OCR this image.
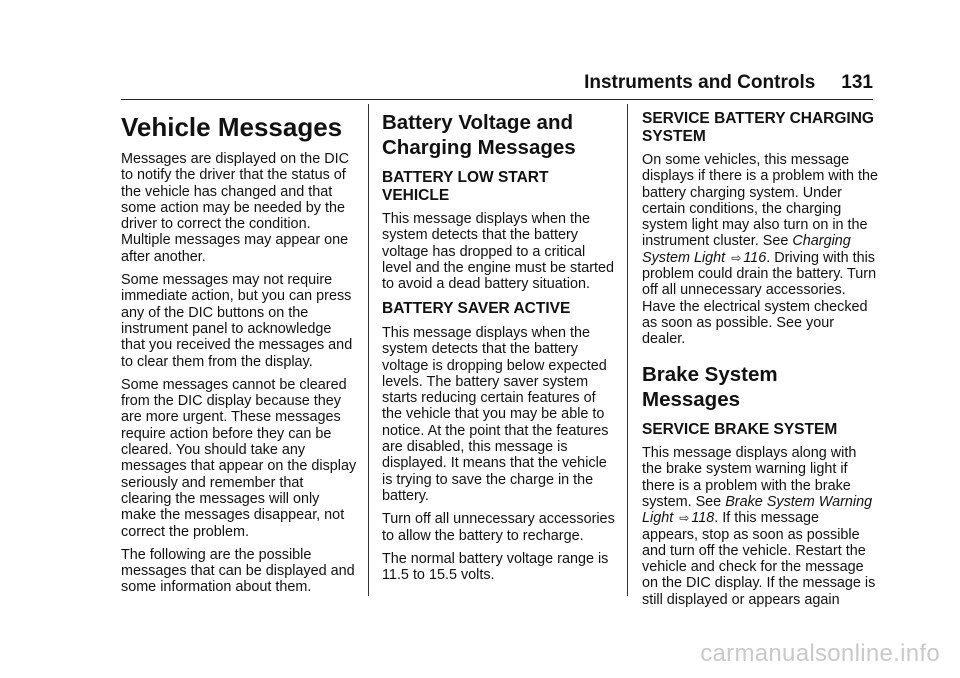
Instruments and Controls 131
Vehicle Messages

Messages are displayed on the DIC to notify the driver that the status of the vehicle has changed and that some action may be needed by the driver to correct the condition. Multiple messages may appear one after another.

Some messages may not require immediate action, but you can press any of the DIC buttons on the instrument panel to acknowledge that you received the messages and to clear them from the display.

Some messages cannot be cleared from the DIC display because they are more urgent. These messages require action before they can be cleared. You should take any messages that appear on the display seriously and remember that clearing the messages will only make the messages disappear, not correct the problem.

The following are the possible messages that can be displayed and some information about them.

Battery Voltage and Charging Messages
BATTERY LOW START VEHICLE

This message displays when the system detects that the battery voltage has dropped to a critical level and the engine must be started to avoid a dead battery situation.

BATTERY SAVER ACTIVE

This message displays when the system detects that the battery voltage is dropping below expected levels. The battery saver system starts reducing certain features of the vehicle that you may be able to notice. At the point that the features are disabled, this message is displayed. It means that the vehicle is trying to save the charge in the battery.

Turn off all unnecessary accessories to allow the battery to recharge.

The normal battery voltage range is 11.5 to 15.5 volts.

SERVICE BATTERY CHARGING SYSTEM

On some vehicles, this message displays if there is a problem with the battery charging system. Under certain conditions, the charging system light may also turn on in the instrument cluster. See Charging System Light ⇨ 116. Driving with this problem could drain the battery. Turn off all unnecessary accessories. Have the electrical system checked as soon as possible. See your dealer.

Brake System Messages
SERVICE BRAKE SYSTEM

This message displays along with the brake system warning light if there is a problem with the brake system. See Brake System Warning Light ⇨ 118. If this message appears, stop as soon as possible and turn off the vehicle. Restart the vehicle and check for the message on the DIC display. If the message is still displayed or appears again

carmanualsonline.info
